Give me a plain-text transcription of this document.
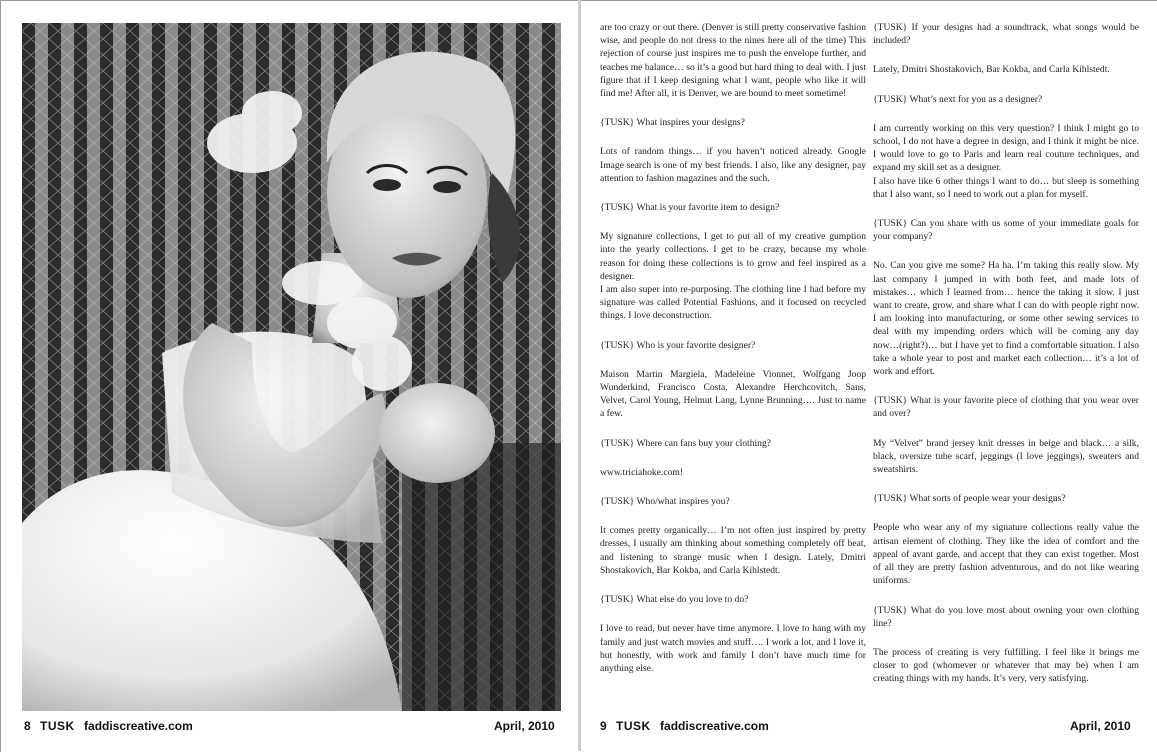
8 TUSK faddiscreative.com	April, 2010

are too crazy or out there. (Denver is still pretty conservative fashion wise, and people do not dress to the nines here all of the time) This rejection of course just inspires me to push the envelope further, and teaches me balance… so it’s a good but hard thing to deal with. I just figure that if I keep designing what I want, people who like it will find me! After all, it is Denver, we are bound to meet sometime!

{TUSK} What inspires your designs?

Lots of random things… if you haven’t noticed already. Google Image search is one of my best friends. I also, like any designer, pay attention to fashion magazines and the such.

{TUSK} What is your favorite item to design?

My signature collections, I get to put all of my creative gumption into the yearly collections. I get to be crazy, because my whole reason for doing these collections is to grow and feel inspired as a designer.

I am also super into re-purposing. The clothing line I had before my signature was called Potential Fashions, and it focused on recycled things. I love deconstruction.

{TUSK} Who is your favorite designer?

Maison Martin Margiela, Madeleine Vionnet, Wolfgang Joop Wunderkind, Francisco Costa, Alexandre Herchcovitch, Sans, Velvet, Carol Young, Helmut Lang, Lynne Brunning…. Just to name a few.

{TUSK} Where can fans buy your clothing?

www.triciahoke.com!

{TUSK} Who/what inspires you?

It comes pretty organically… I’m not often just inspired by pretty dresses, I usually am thinking about something completely off beat, and listening to strange music when I design. Lately, Dmitri Shostakovich, Bar Kokba, and Carla Kihlstedt.

{TUSK} What else do you love to do?

I love to read, but never have time anymore. I love to hang with my family and just watch movies and stuff…. I work a lot, and I love it, but honestly, with work and family I don’t have much time for anything else.

{TUSK} If your designs had a soundtrack, what songs would be included?

Lately, Dmitri Shostakovich, Bar Kokba, and Carla Kihlstedt.

{TUSK} What’s next for you as a designer?

I am currently working on this very question? I think I might go to school, I do not have a degree in design, and I think it might be nice. I would love to go to Paris and learn real couture techniques, and expand my skill set as a designer.

I also have like 6 other things I want to do… but sleep is something that I also want, so I need to work out a plan for myself.

{TUSK} Can you share with us some of your immediate goals for your company?

No. Can you give me some? Ha ha. I’m taking this really slow. My last company I jumped in with both feet, and made lots of mistakes… which I learned from… hence the taking it slow. I just want to create, grow, and share what I can do with people right now. I am looking into manufacturing, or some other sewing services to deal with my impending orders which will be coming any day now…(right?)… but I have yet to find a comfortable situation. I also take a whole year to post and market each collection… it’s a lot of work and effort.

{TUSK} What is your favorite piece of clothing that you wear over and over?

My “Velvet” brand jersey knit dresses in beige and black… a silk, black, oversize tube scarf, jeggings (I love jeggings), sweaters and sweatshirts.

{TUSK} What sorts of people wear your designs?

People who wear any of my signature collections really value the artisan element of clothing. They like the idea of comfort and the appeal of avant garde, and accept that they can exist together. Most of all they are pretty fashion adventurous, and do not like wearing uniforms.

{TUSK} What do you love most about owning your own clothing line?

The process of creating is very fulfilling. I feel like it brings me closer to god (whomever or whatever that may be) when I am creating things with my hands. It’s very, very satisfying.

9 TUSK faddiscreative.com	April, 2010
